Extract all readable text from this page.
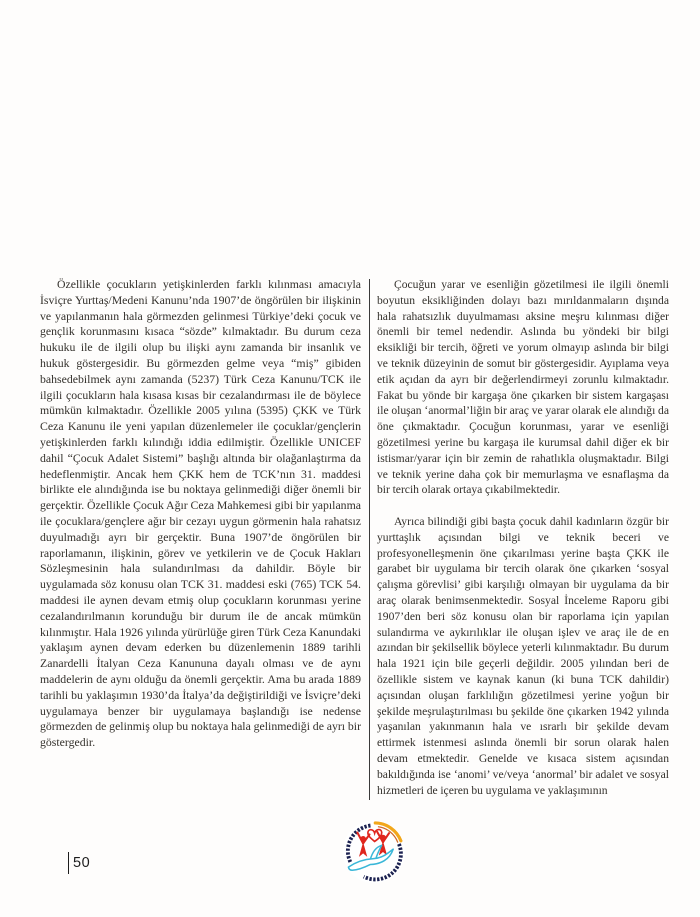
Özellikle çocukların yetişkinlerden farklı kılınması amacıyla İsviçre Yurttaş/Medeni Kanunu’nda 1907’de öngörülen bir ilişkinin ve yapılanmanın hala görmezden gelinmesi Türkiye’deki çocuk ve gençlik korunmasını kısaca “sözde” kılmaktadır. Bu durum ceza hukuku ile de ilgili olup bu ilişki aynı zamanda bir insanlık ve hukuk göstergesidir. Bu görmezden gelme veya “miş” gibiden bahsedebilmek aynı zamanda (5237) Türk Ceza Kanunu/TCK ile ilgili çocukların hala kısasa kısas bir cezalandırması ile de böylece mümkün kılmaktadır. Özellikle 2005 yılına (5395) ÇKK ve Türk Ceza Kanunu ile yeni yapılan düzenlemeler ile çocuklar/gençlerin yetişkinlerden farklı kılındığı iddia edilmiştir. Özellikle UNICEF dahil “Çocuk Adalet Sistemi” başlığı altında bir olağanlaştırma da hedeflenmiştir. Ancak hem ÇKK hem de TCK’nın 31. maddesi birlikte ele alındığında ise bu noktaya gelinmediği diğer önemli bir gerçektir. Özellikle Çocuk Ağır Ceza Mahkemesi gibi bir yapılanma ile çocuklara/gençlere ağır bir cezayı uygun görmenin hala rahatsız duyulmadığı ayrı bir gerçektir. Buna 1907’de öngörülen bir raporlamanın, ilişkinin, görev ve yetkilerin ve de Çocuk Hakları Sözleşmesinin hala sulandırılması da dahildir. Böyle bir uygulamada söz konusu olan TCK 31. maddesi eski (765) TCK 54. maddesi ile aynen devam etmiş olup çocukların korunması yerine cezalandırılmanın korunduğu bir durum ile de ancak mümkün kılınmıştır. Hala 1926 yılında yürürlüğe giren Türk Ceza Kanundaki yaklaşım aynen devam ederken bu düzenlemenin 1889 tarihli Zanardelli İtalyan Ceza Kanununa dayalı olması ve de aynı maddelerin de aynı olduğu da önemli gerçektir. Ama bu arada 1889 tarihli bu yaklaşımın 1930’da İtalya’da değiştirildiği ve İsviçre’deki uygulamaya benzer bir uygulamaya başlandığı ise nedense görmezden de gelinmiş olup bu noktaya hala gelinmediği de ayrı bir göstergedir.

Çocuğun yarar ve esenliğin gözetilmesi ile ilgili önemli boyutun eksikliğinden dolayı bazı mırıldanmaların dışında hala rahatsızlık duyulmaması aksine meşru kılınması diğer önemli bir temel nedendir. Aslında bu yöndeki bir bilgi eksikliği bir tercih, öğreti ve yorum olmayıp aslında bir bilgi ve teknik düzeyinin de somut bir göstergesidir. Ayıplama veya etik açıdan da ayrı bir değerlendirmeyi zorunlu kılmaktadır. Fakat bu yönde bir kargaşa öne çıkarken bir sistem kargaşası ile oluşan ‘anormal’liğin bir araç ve yarar olarak ele alındığı da öne çıkmaktadır. Çocuğun korunması, yarar ve esenliği gözetilmesi yerine bu kargaşa ile kurumsal dahil diğer ek bir istismar/yarar için bir zemin de rahatlıkla oluşmaktadır. Bilgi ve teknik yerine daha çok bir memurlaşma ve esnaflaşma da bir tercih olarak ortaya çıkabilmektedir.

Ayrıca bilindiği gibi başta çocuk dahil kadınların özgür bir yurttaşlık açısından bilgi ve teknik beceri ve profesyonelleşmenin öne çıkarılması yerine başta ÇKK ile garabet bir uygulama bir tercih olarak öne çıkarken ‘sosyal çalışma görevlisi’ gibi karşılığı olmayan bir uygulama da bir araç olarak benimsenmektedir. Sosyal İnceleme Raporu gibi 1907’den beri söz konusu olan bir raporlama için yapılan sulandırma ve aykırılıklar ile oluşan işlev ve araç ile de en azından bir şekilsellik böylece yeterli kılınmaktadır. Bu durum hala 1921 için bile geçerli değildir. 2005 yılından beri de özellikle sistem ve kaynak kanun (ki buna TCK dahildir) açısından oluşan farklılığın gözetilmesi yerine yoğun bir şekilde meşrulaştırılması bu şekilde öne çıkarken 1942 yılında yaşanılan yakınmanın hala ve ısrarlı bir şekilde devam ettirmek istenmesi aslında önemli bir sorun olarak halen devam etmektedir. Genelde ve kısaca sistem açısından bakıldığında ise ‘anomi’ ve/veya ‘anormal’ bir adalet ve sosyal hizmetleri de içeren bu uygulama ve yaklaşımının

50
